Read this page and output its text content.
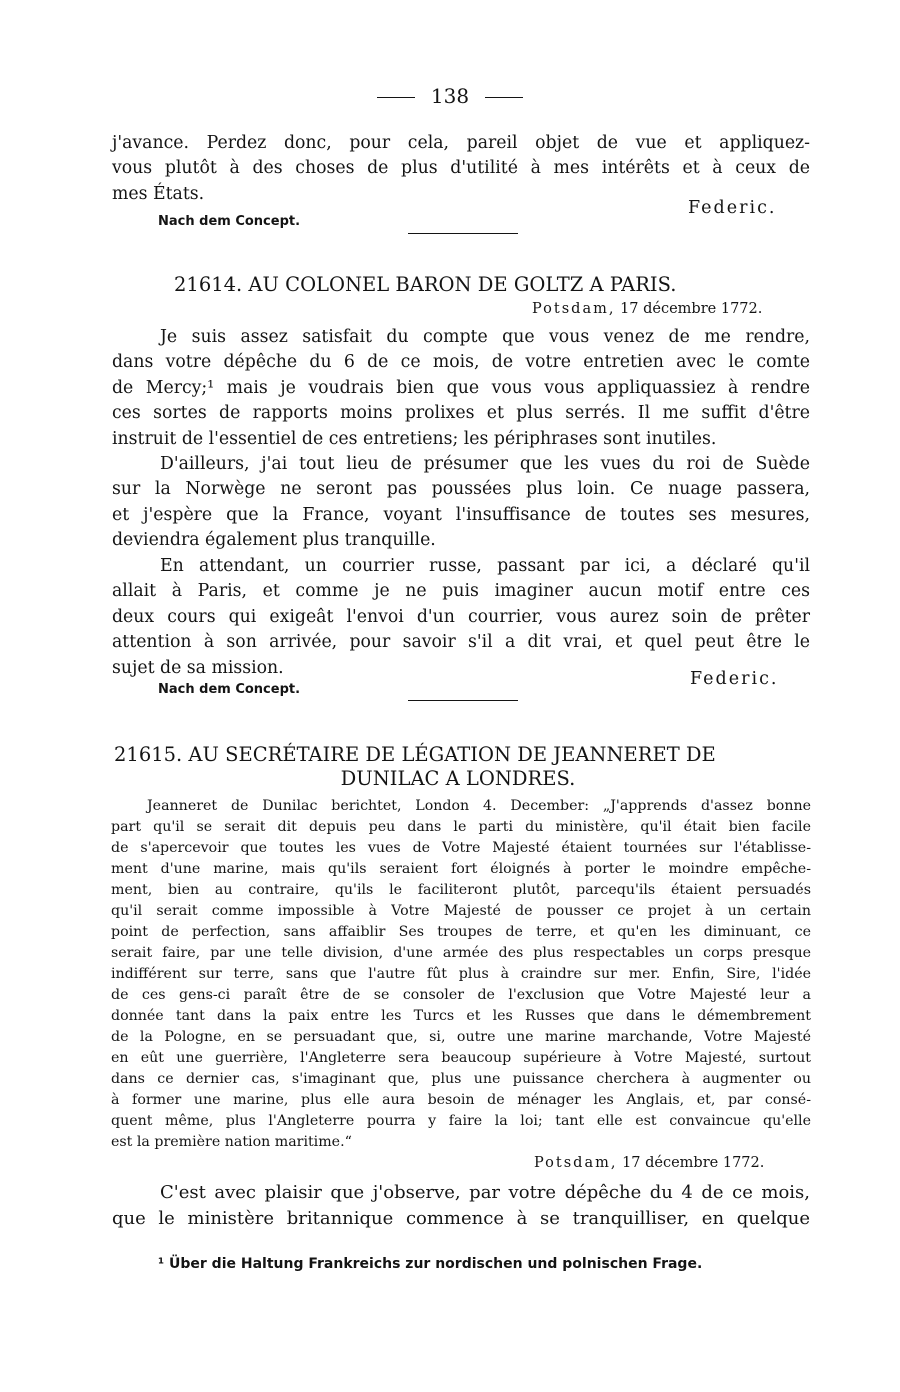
138
j'avance. Perdez donc, pour cela, pareil objet de vue et appliquez-
vous plutôt à des choses de plus d'utilité à mes intérêts et à ceux de
mes États.
Federic.
Nach dem Concept.
21614. AU COLONEL BARON DE GOLTZ A PARIS.
Potsdam, 17 décembre 1772.
Je suis assez satisfait du compte que vous venez de me rendre,
dans votre dépêche du 6 de ce mois, de votre entretien avec le comte
de Mercy;¹ mais je voudrais bien que vous vous appliquassiez à rendre
ces sortes de rapports moins prolixes et plus serrés. Il me suffit d'être
instruit de l'essentiel de ces entretiens; les périphrases sont inutiles.
D'ailleurs, j'ai tout lieu de présumer que les vues du roi de Suède
sur la Norwège ne seront pas poussées plus loin. Ce nuage passera,
et j'espère que la France, voyant l'insuffisance de toutes ses mesures,
deviendra également plus tranquille.
En attendant, un courrier russe, passant par ici, a déclaré qu'il
allait à Paris, et comme je ne puis imaginer aucun motif entre ces
deux cours qui exigeât l'envoi d'un courrier, vous aurez soin de prêter
attention à son arrivée, pour savoir s'il a dit vrai, et quel peut être le
sujet de sa mission.
Federic.
Nach dem Concept.
21615. AU SECRÉTAIRE DE LÉGATION DE JEANNERET DE
DUNILAC A LONDRES.
Jeanneret de Dunilac berichtet, London 4. December: „J'apprends d'assez bonne
part qu'il se serait dit depuis peu dans le parti du ministère, qu'il était bien facile
de s'apercevoir que toutes les vues de Votre Majesté étaient tournées sur l'établisse-
ment d'une marine, mais qu'ils seraient fort éloignés à porter le moindre empêche-
ment, bien au contraire, qu'ils le faciliteront plutôt, parcequ'ils étaient persuadés
qu'il serait comme impossible à Votre Majesté de pousser ce projet à un certain
point de perfection, sans affaiblir Ses troupes de terre, et qu'en les diminuant, ce
serait faire, par une telle division, d'une armée des plus respectables un corps presque
indifférent sur terre, sans que l'autre fût plus à craindre sur mer. Enfin, Sire, l'idée
de ces gens-ci paraît être de se consoler de l'exclusion que Votre Majesté leur a
donnée tant dans la paix entre les Turcs et les Russes que dans le démembrement
de la Pologne, en se persuadant que, si, outre une marine marchande, Votre Majesté
en eût une guerrière, l'Angleterre sera beaucoup supérieure à Votre Majesté, surtout
dans ce dernier cas, s'imaginant que, plus une puissance cherchera à augmenter ou
à former une marine, plus elle aura besoin de ménager les Anglais, et, par consé-
quent même, plus l'Angleterre pourra y faire la loi; tant elle est convaincue qu'elle
est la première nation maritime.“
Potsdam, 17 décembre 1772.
C'est avec plaisir que j'observe, par votre dépêche du 4 de ce mois,
que le ministère britannique commence à se tranquilliser, en quelque
¹ Über die Haltung Frankreichs zur nordischen und polnischen Frage.
